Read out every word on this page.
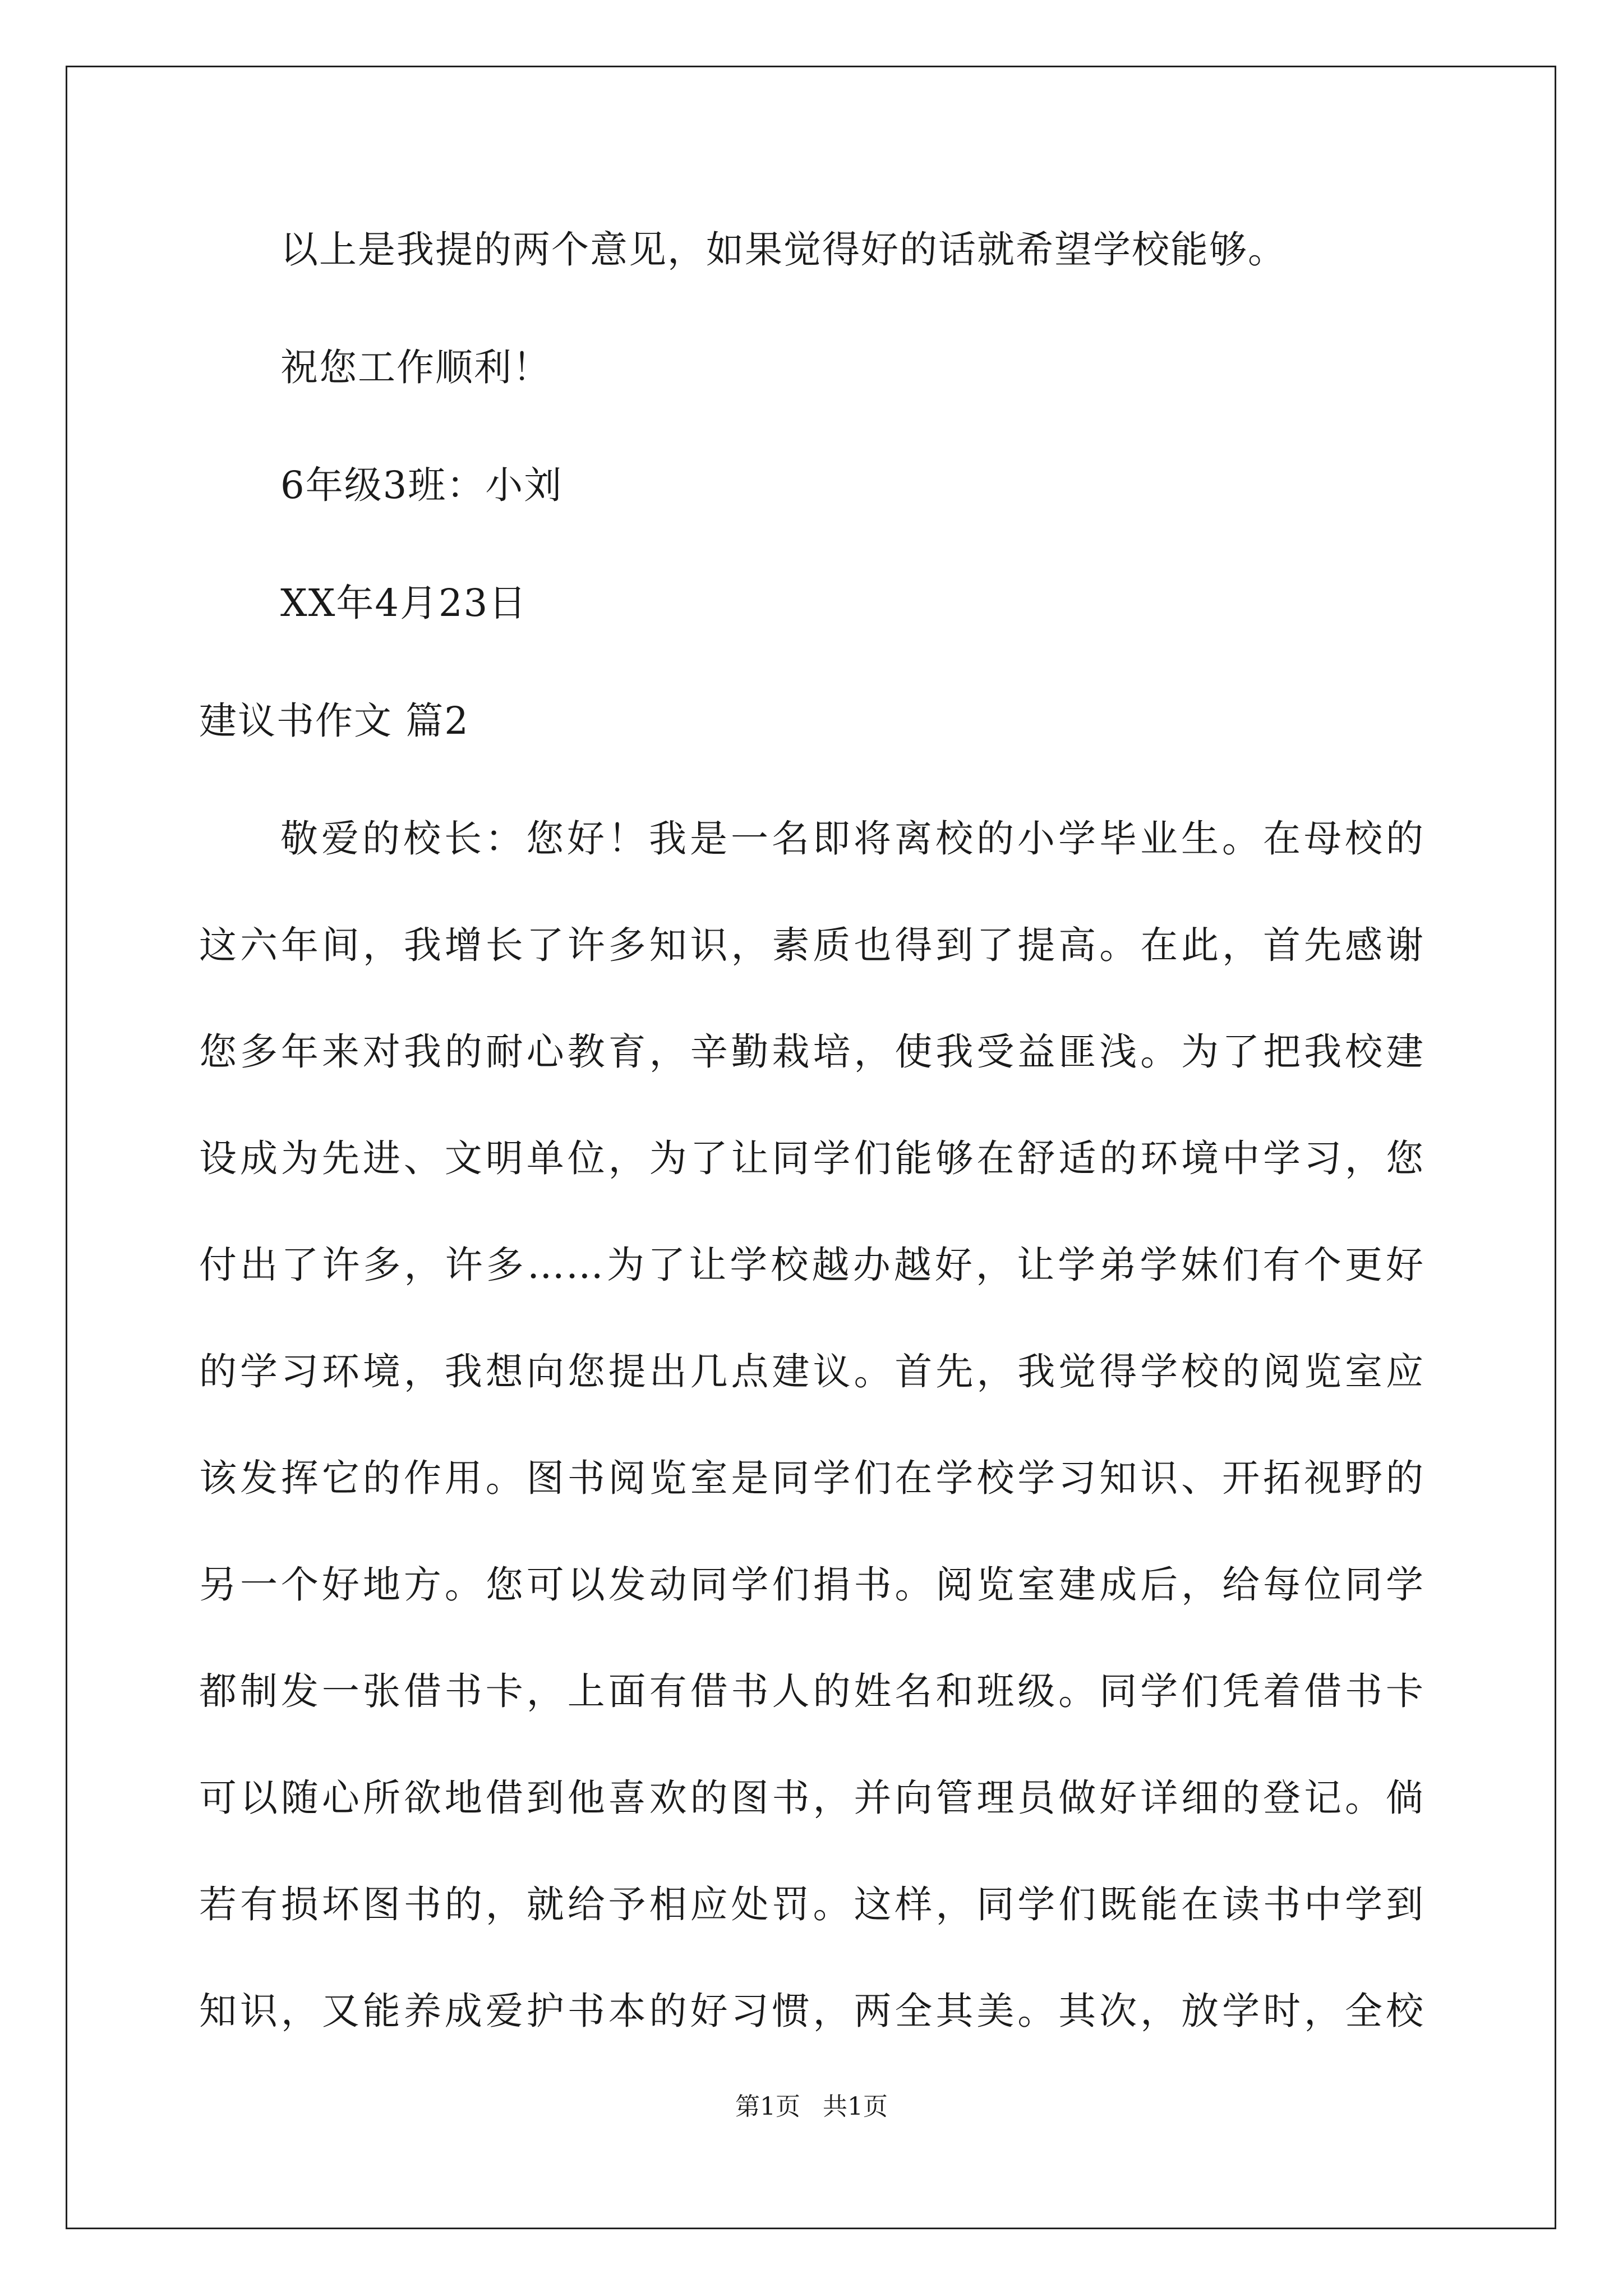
以上是我提的两个意见，如果觉得好的话就希望学校能够。
祝您工作顺利！
6年级3班：小刘
XX年4月23日
建议书作文 篇2
敬爱的校长：您好！我是一名即将离校的小学毕业生。在母校的
这六年间，我增长了许多知识，素质也得到了提高。在此，首先感谢
您多年来对我的耐心教育，辛勤栽培，使我受益匪浅。为了把我校建
设成为先进、文明单位，为了让同学们能够在舒适的环境中学习，您
付出了许多，许多……为了让学校越办越好，让学弟学妹们有个更好
的学习环境，我想向您提出几点建议。首先，我觉得学校的阅览室应
该发挥它的作用。图书阅览室是同学们在学校学习知识、开拓视野的
另一个好地方。您可以发动同学们捐书。阅览室建成后，给每位同学
都制发一张借书卡，上面有借书人的姓名和班级。同学们凭着借书卡
可以随心所欲地借到他喜欢的图书，并向管理员做好详细的登记。倘
若有损坏图书的，就给予相应处罚。这样，同学们既能在读书中学到
知识，又能养成爱护书本的好习惯，两全其美。其次，放学时，全校
第1页 共1页
